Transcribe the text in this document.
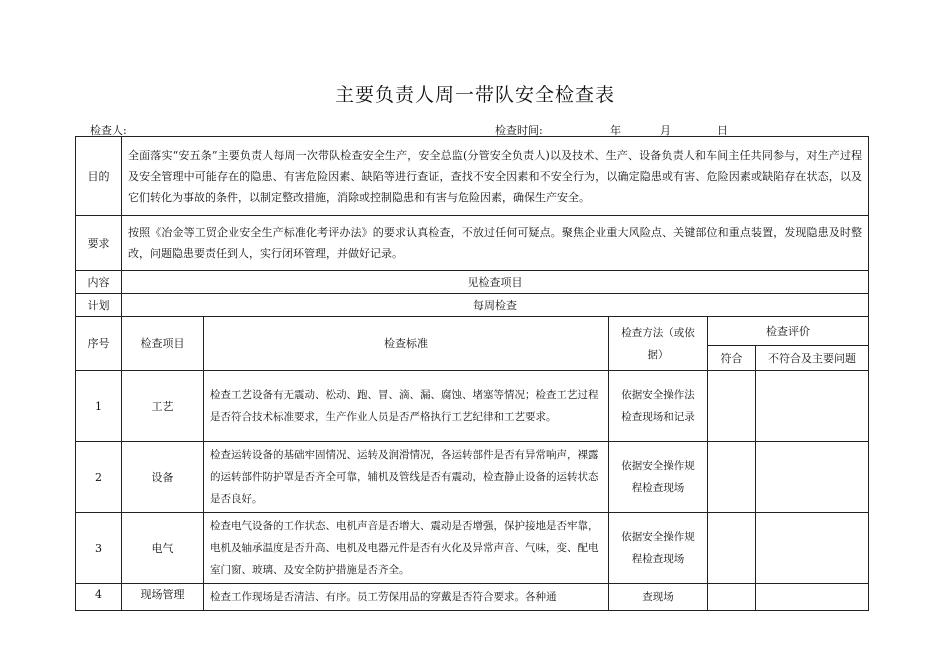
主要负责人周一带队安全检查表
检查人:	检查时间:	年	月	日
目的	全面落实“安五条”主要负责人每周一次带队检查安全生产，安全总监(分管安全负责人)以及技术、生产、设备负责人和车间主任共同参与，对生产过程及安全管理中可能存在的隐患、有害危险因素、缺陷等进行查证，查找不安全因素和不安全行为，以确定隐患或有害、危险因素或缺陷存在状态，以及它们转化为事故的条件，以制定整改措施，消除或控制隐患和有害与危险因素，确保生产安全。				
要求	按照《冶金等工贸企业安全生产标准化考评办法》的要求认真检查，不放过任何可疑点。聚焦企业重大风险点、关键部位和重点装置，发现隐患及时整改，问题隐患要责任到人，实行闭环管理，并做好记录。				
内容	见检查项目				
计划	每周检查				
序号	检查项目	检查标准	检查方法（或依据）	检查评价	
				符合	不符合及主要问题
1	工艺	检查工艺设备有无震动、松动、跑、冒、滴、漏、腐蚀、堵塞等情况；检查工艺过程是否符合技术标准要求，生产作业人员是否严格执行工艺纪律和工艺要求。	依据安全操作法检查现场和记录		
2	设备	检查运转设备的基础牢固情况、运转及润滑情况，各运转部件是否有异常响声，裸露的运转部件防护罩是否齐全可靠，辅机及管线是否有震动，检查静止设备的运转状态是否良好。	依据安全操作规程检查现场		
3	电气	检查电气设备的工作状态、电机声音是否增大、震动是否增强，保护接地是否牢靠，电机及轴承温度是否升高、电机及电器元件是否有火化及异常声音、气味，变、配电室门窗、玻璃、及安全防护措施是否齐全。	依据安全操作规程检查现场		
4	现场管理	检查工作现场是否清洁、有序。员工劳保用品的穿戴是否符合要求。各种通	查现场		
